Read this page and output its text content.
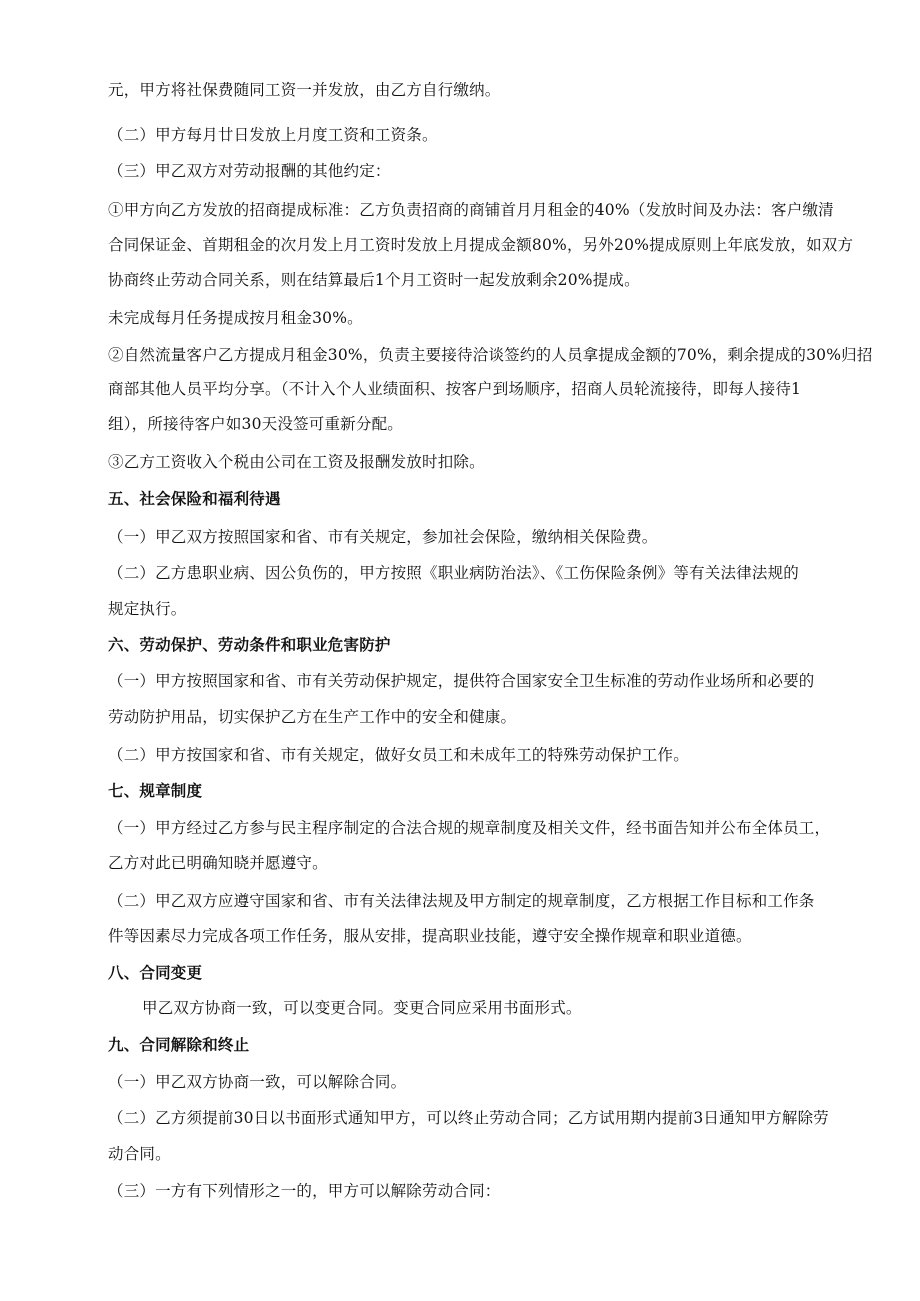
元，甲方将社保费随同工资一并发放，由乙方自行缴纳。
（二）甲方每月廿日发放上月度工资和工资条。
（三）甲乙双方对劳动报酬的其他约定：
①甲方向乙方发放的招商提成标准：乙方负责招商的商铺首月月租金的40%（发放时间及办法：客户缴清
合同保证金、首期租金的次月发上月工资时发放上月提成金额80%，另外20%提成原则上年底发放，如双方
协商终止劳动合同关系，则在结算最后1个月工资时一起发放剩余20%提成。
未完成每月任务提成按月租金30%。
②自然流量客户乙方提成月租金30%，负责主要接待洽谈签约的人员拿提成金额的70%，剩余提成的30%归招
商部其他人员平均分享。（不计入个人业绩面积、按客户到场顺序，招商人员轮流接待，即每人接待1
组），所接待客户如30天没签可重新分配。
③乙方工资收入个税由公司在工资及报酬发放时扣除。
五、社会保险和福利待遇
（一）甲乙双方按照国家和省、市有关规定，参加社会保险，缴纳相关保险费。
（二）乙方患职业病、因公负伤的，甲方按照《职业病防治法》、《工伤保险条例》等有关法律法规的
规定执行。
六、劳动保护、劳动条件和职业危害防护
（一）甲方按照国家和省、市有关劳动保护规定，提供符合国家安全卫生标准的劳动作业场所和必要的
劳动防护用品，切实保护乙方在生产工作中的安全和健康。
（二）甲方按国家和省、市有关规定，做好女员工和未成年工的特殊劳动保护工作。
七、规章制度
（一）甲方经过乙方参与民主程序制定的合法合规的规章制度及相关文件，经书面告知并公布全体员工，
乙方对此已明确知晓并愿遵守。
（二）甲乙双方应遵守国家和省、市有关法律法规及甲方制定的规章制度，乙方根据工作目标和工作条
件等因素尽力完成各项工作任务，服从安排，提高职业技能，遵守安全操作规章和职业道德。
八、合同变更
甲乙双方协商一致，可以变更合同。变更合同应采用书面形式。
九、合同解除和终止
（一）甲乙双方协商一致，可以解除合同。
（二）乙方须提前30日以书面形式通知甲方，可以终止劳动合同；乙方试用期内提前3日通知甲方解除劳
动合同。
（三）一方有下列情形之一的，甲方可以解除劳动合同：
